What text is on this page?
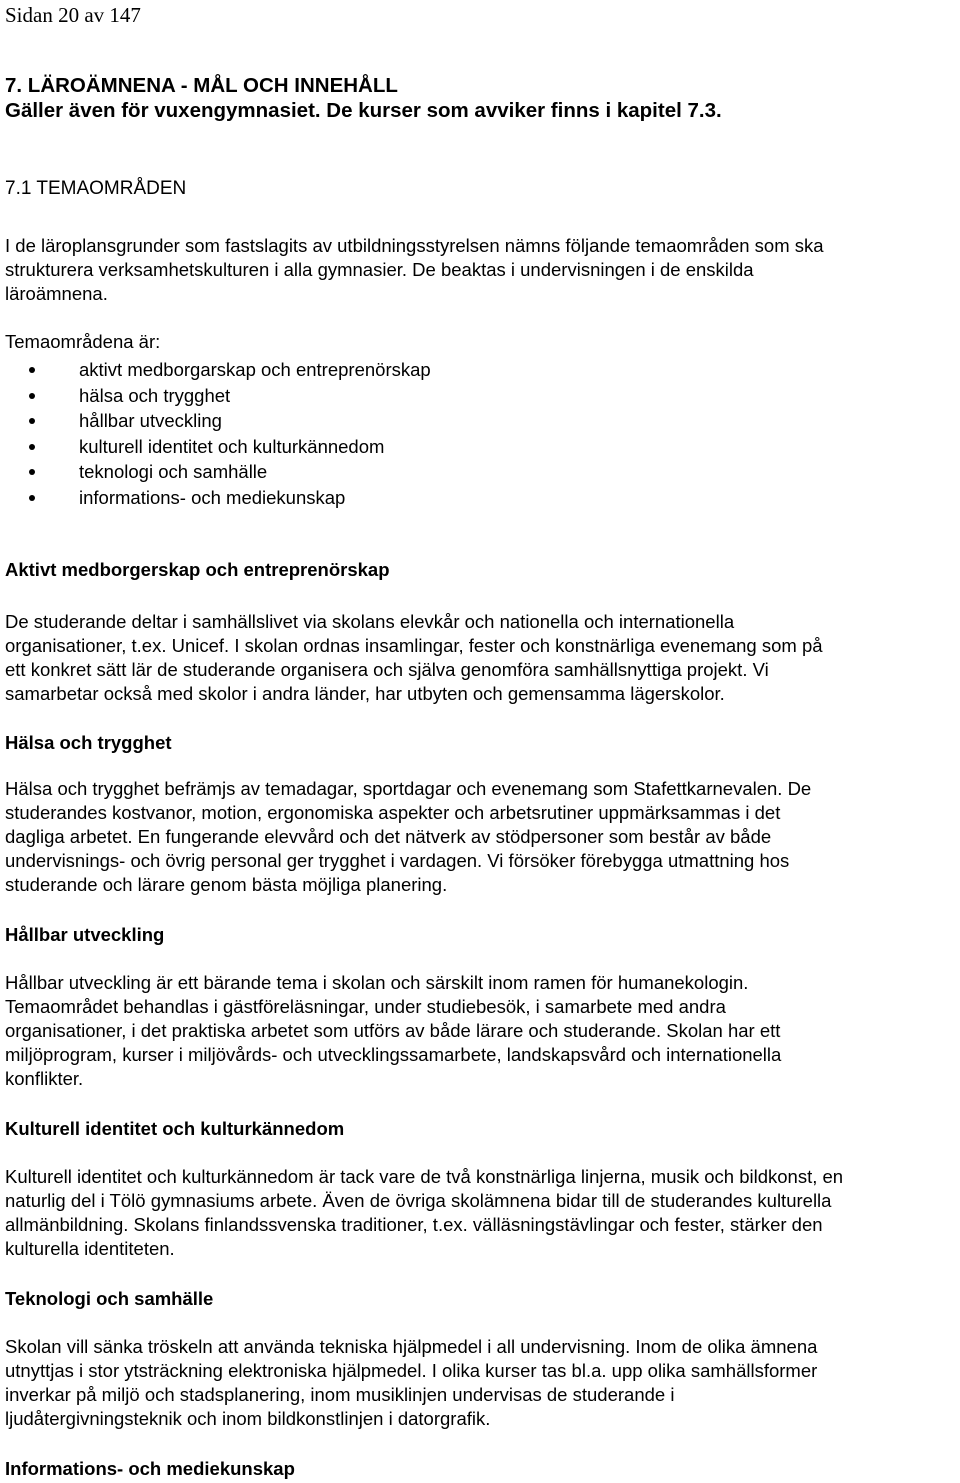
Sidan 20 av 147
7. LÄROÄMNENA - MÅL OCH INNEHÅLL
Gäller även för vuxengymnasiet. De kurser som avviker finns i kapitel 7.3.
7.1 TEMAOMRÅDEN

I de läroplansgrunder som fastslagits av utbildningsstyrelsen nämns följande temaområden som ska

strukturera verksamhetskulturen i alla gymnasier. De beaktas i undervisningen i de enskilda

läroämnena.

Temaområdena är:
aktivt medborgarskap och entreprenörskap
hälsa och trygghet
hållbar utveckling
kulturell identitet och kulturkännedom
teknologi och samhälle
informations- och mediekunskap
Aktivt medborgerskap och entreprenörskap

De studerande deltar i samhällslivet via skolans elevkår och nationella och internationella

organisationer, t.ex. Unicef. I skolan ordnas insamlingar, fester och konstnärliga evenemang som på

ett konkret sätt lär de studerande organisera och själva genomföra samhällsnyttiga projekt. Vi

samarbetar också med skolor i andra länder, har utbyten och gemensamma lägerskolor.

Hälsa och trygghet

Hälsa och trygghet befrämjs av temadagar, sportdagar och evenemang som Stafettkarnevalen. De

studerandes kostvanor, motion, ergonomiska aspekter och arbetsrutiner uppmärksammas i det

dagliga arbetet. En fungerande elevvård och det nätverk av stödpersoner som består av både

undervisnings- och övrig personal ger trygghet i vardagen. Vi försöker förebygga utmattning hos

studerande och lärare genom bästa möjliga planering.

Hållbar utveckling

Hållbar utveckling är ett bärande tema i skolan och särskilt inom ramen för humanekologin.

Temaområdet behandlas i gästföreläsningar, under studiebesök, i samarbete med andra

organisationer, i det praktiska arbetet som utförs av både lärare och studerande. Skolan har ett

miljöprogram, kurser i miljövårds- och utvecklingssamarbete, landskapsvård och internationella

konflikter.

Kulturell identitet och kulturkännedom

Kulturell identitet och kulturkännedom är tack vare de två konstnärliga linjerna, musik och bildkonst, en

naturlig del i Tölö gymnasiums arbete. Även de övriga skolämnena bidar till de studerandes kulturella

allmänbildning. Skolans finlandssvenska traditioner, t.ex. välläsningstävlingar och fester, stärker den

kulturella identiteten.

Teknologi och samhälle

Skolan vill sänka tröskeln att använda tekniska hjälpmedel i all undervisning. Inom de olika ämnena

utnyttjas i stor ytsträckning elektroniska hjälpmedel. I olika kurser tas bl.a. upp olika samhällsformer

inverkar på miljö och stadsplanering, inom musiklinjen undervisas de studerande i

ljudåtergivningsteknik och inom bildkonstlinjen i datorgrafik.

Informations- och mediekunskap
